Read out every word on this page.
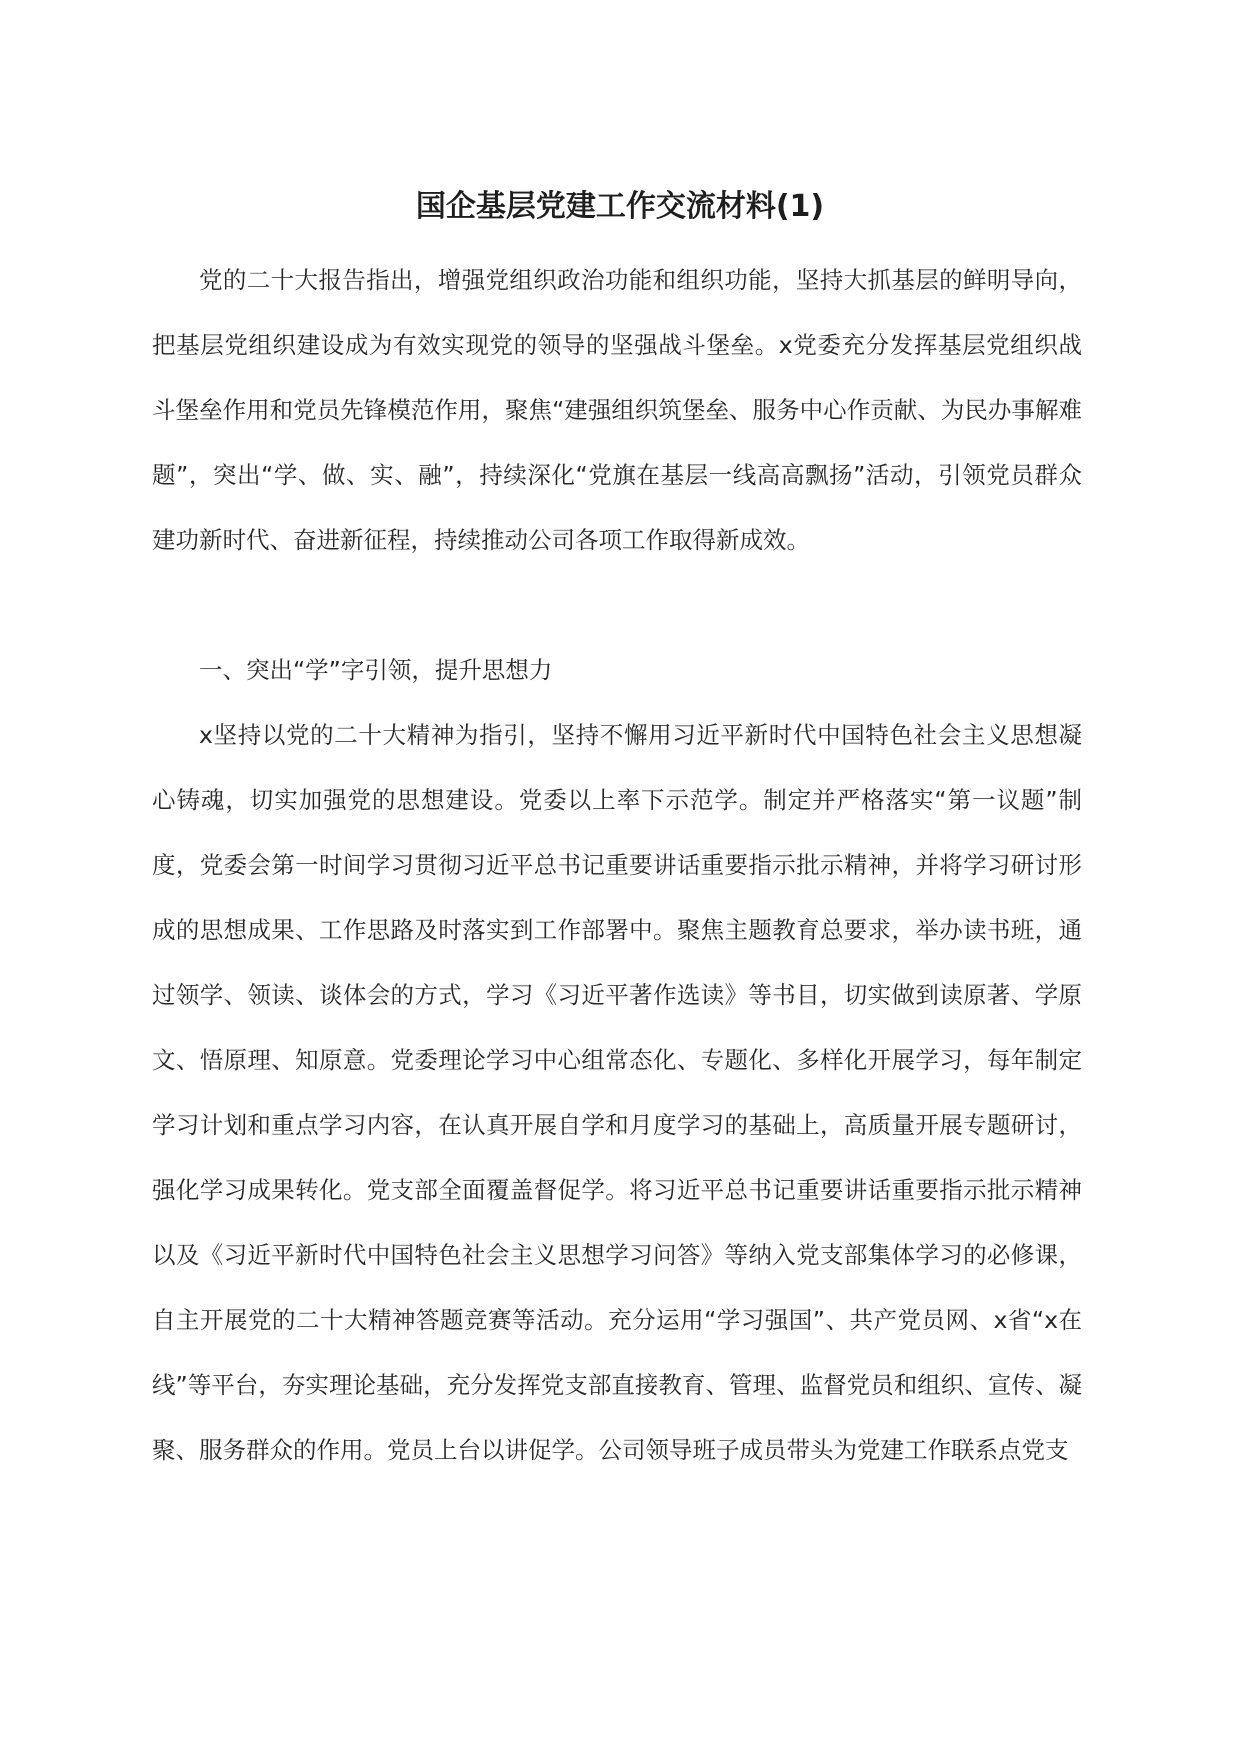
国企基层党建工作交流材料(1)

党的二十大报告指出，增强党组织政治功能和组织功能，坚持大抓基层的鲜明导向，把基层党组织建设成为有效实现党的领导的坚强战斗堡垒。x党委充分发挥基层党组织战斗堡垒作用和党员先锋模范作用，聚焦“建强组织筑堡垒、服务中心作贡献、为民办事解难题”，突出“学、做、实、融”，持续深化“党旗在基层一线高高飘扬”活动，引领党员群众建功新时代、奋进新征程，持续推动公司各项工作取得新成效。

一、突出“学”字引领，提升思想力

x坚持以党的二十大精神为指引，坚持不懈用习近平新时代中国特色社会主义思想凝心铸魂，切实加强党的思想建设。党委以上率下示范学。制定并严格落实“第一议题”制度，党委会第一时间学习贯彻习近平总书记重要讲话重要指示批示精神，并将学习研讨形成的思想成果、工作思路及时落实到工作部署中。聚焦主题教育总要求，举办读书班，通过领学、领读、谈体会的方式，学习《习近平著作选读》等书目，切实做到读原著、学原文、悟原理、知原意。党委理论学习中心组常态化、专题化、多样化开展学习，每年制定学习计划和重点学习内容，在认真开展自学和月度学习的基础上，高质量开展专题研讨，强化学习成果转化。党支部全面覆盖督促学。将习近平总书记重要讲话重要指示批示精神以及《习近平新时代中国特色社会主义思想学习问答》等纳入党支部集体学习的必修课，自主开展党的二十大精神答题竞赛等活动。充分运用“学习强国”、共产党员网、x省“x在线”等平台，夯实理论基础，充分发挥党支部直接教育、管理、监督党员和组织、宣传、凝聚、服务群众的作用。党员上台以讲促学。公司领导班子成员带头为党建工作联系点党支
